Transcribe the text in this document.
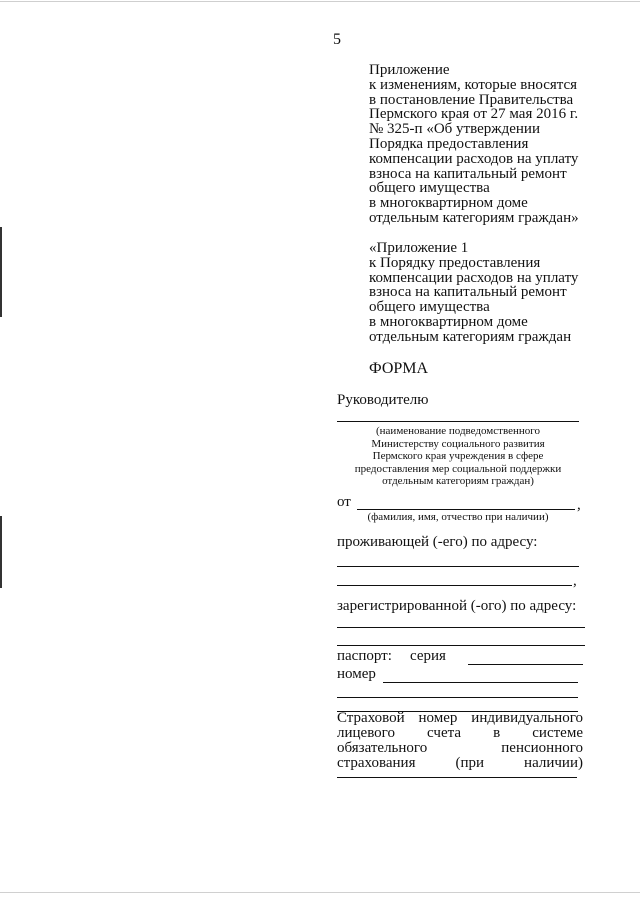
5
Приложение
к изменениям, которые вносятся
в постановление Правительства
Пермского края от 27 мая 2016 г.
№ 325-п «Об утверждении
Порядка предоставления
компенсации расходов на уплату
взноса на капитальный ремонт
общего имущества
в многоквартирном доме
отдельным категориям граждан»
«Приложение 1
к Порядку предоставления
компенсации расходов на уплату
взноса на капитальный ремонт
общего имущества
в многоквартирном доме
отдельным категориям граждан
ФОРМА
Руководителю
(наименование подведомственного
Министерству социального развития
Пермского края учреждения в сфере
предоставления мер социальной поддержки
отдельным категориям граждан)
от	,
(фамилия, имя, отчество при наличии)
проживающей (-его) по адресу:
,
зарегистрированной (-ого) по адресу:
паспорт: серия
номер
Страховой номер индивидуального
лицевого счета в системе
обязательного	пенсионного
страхования	(при	наличии)
